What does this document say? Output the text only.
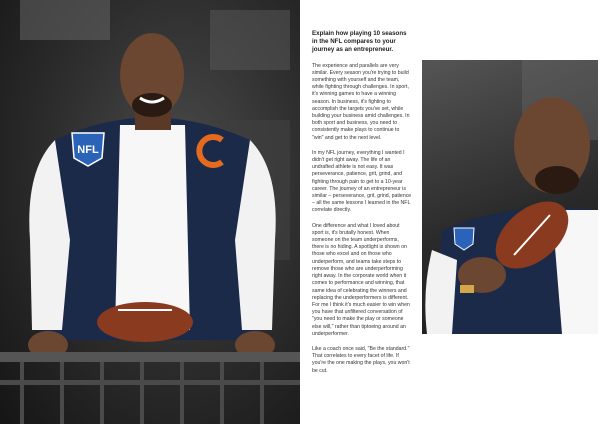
NFL

Explain how playing 10 seasons in the NFL compares to your journey as an entrepreneur.

The experience and parallels are very similar. Every season you're trying to build something with yourself and the team, while fighting through challenges. In sport, it's winning games to have a winning season. In business, it's fighting to accomplish the targets you've set, while building your business amid challenges. In both sport and business, you need to consistently make plays to continue to "win" and get to the next level.

In my NFL journey, everything I wanted I didn't get right away. The life of an undrafted athlete is not easy. It was perseverance, patience, grit, grind, and fighting through pain to get to a 10-year career. The journey of an entrepreneur is similar – perseverance, grit, grind, patience – all the same lessons I learned in the NFL correlate directly.

One difference and what I loved about sport is, it's brutally honest. When someone on the team underperforms, there is no hiding. A spotlight is shown on those who excel and on those who underperform, and teams take steps to remove those who are underperforming right away. In the corporate world when it comes to performance and winning, that same idea of celebrating the winners and replacing the underperformers is different. For me I think it's much easier to win when you have that unfiltered conversation of "you need to make the play or someone else will," rather than tiptoeing around an underperformer.

Like a coach once said, "Be the standard." That correlates to every facet of life. If you're the one making the plays, you won't be cut.
